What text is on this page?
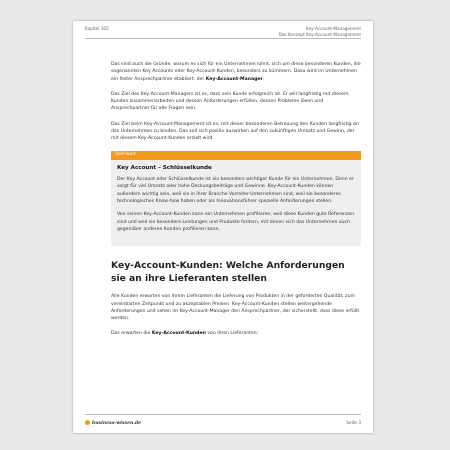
Kapitel 102	Key-Account-Management
Das Konzept Key-Account-Management

Das sind auch die Gründe, warum es sich für ein Unternehmen lohnt, sich um diese besonderen Kunden, die sogenannten Key Accounts oder Key-Account-Kunden, besonders zu kümmern. Dazu wird im Unternehmen ein fester Ansprechpartner etabliert: der Key-Account-Manager.

Das Ziel des Key-Account-Managers ist es, dass sein Kunde erfolgreich ist. Er will langfristig mit diesem Kunden zusammenarbeiten und dessen Anforderungen erfüllen, dessen Probleme lösen und Ansprechpartner für alle Fragen sein.

Das Ziel beim Key-Account-Management ist es, mit dieser besonderen Betreuung den Kunden langfristig an das Unternehmen zu binden. Das soll sich positiv auswirken auf den zukünftigen Umsatz und Gewinn, der mit diesem Key-Account-Kunden erzielt wird.

Stichwort
Key Account – Schlüsselkunde

Der Key Account oder Schlüsselkunde ist ein besonders wichtiger Kunde für ein Unternehmen. Denn er sorgt für viel Umsatz oder hohe Deckungsbeiträge und Gewinne. Key-Account-Kunden können außerdem wichtig sein, weil sie in ihrer Branche Vorreiter-Unternehmen sind, weil sie besonderes technologisches Know-how haben oder als Innovationsführer spezielle Anforderungen stellen.

Von seinen Key-Account-Kunden kann ein Unternehmen profitieren, weil diese Kunden gute Referenzen sind und weil sie besondere Leistungen und Produkte fordern, mit denen sich das Unternehmen auch gegenüber anderen Kunden profilieren kann.

Key-Account-Kunden: Welche Anforderungen sie an ihre Lieferanten stellen

Alle Kunden erwarten von ihrem Lieferanten die Lieferung von Produkten in der geforderten Qualität, zum vereinbarten Zeitpunkt und zu akzeptablen Preisen. Key-Account-Kunden stellen weitergehende Anforderungen und sehen im Key-Account-Manager den Ansprechpartner, der sicherstellt, dass diese erfüllt werden.

Das erwarten die Key-Account-Kunden von ihren Lieferanten:

business-wissen.de	Seite 3
